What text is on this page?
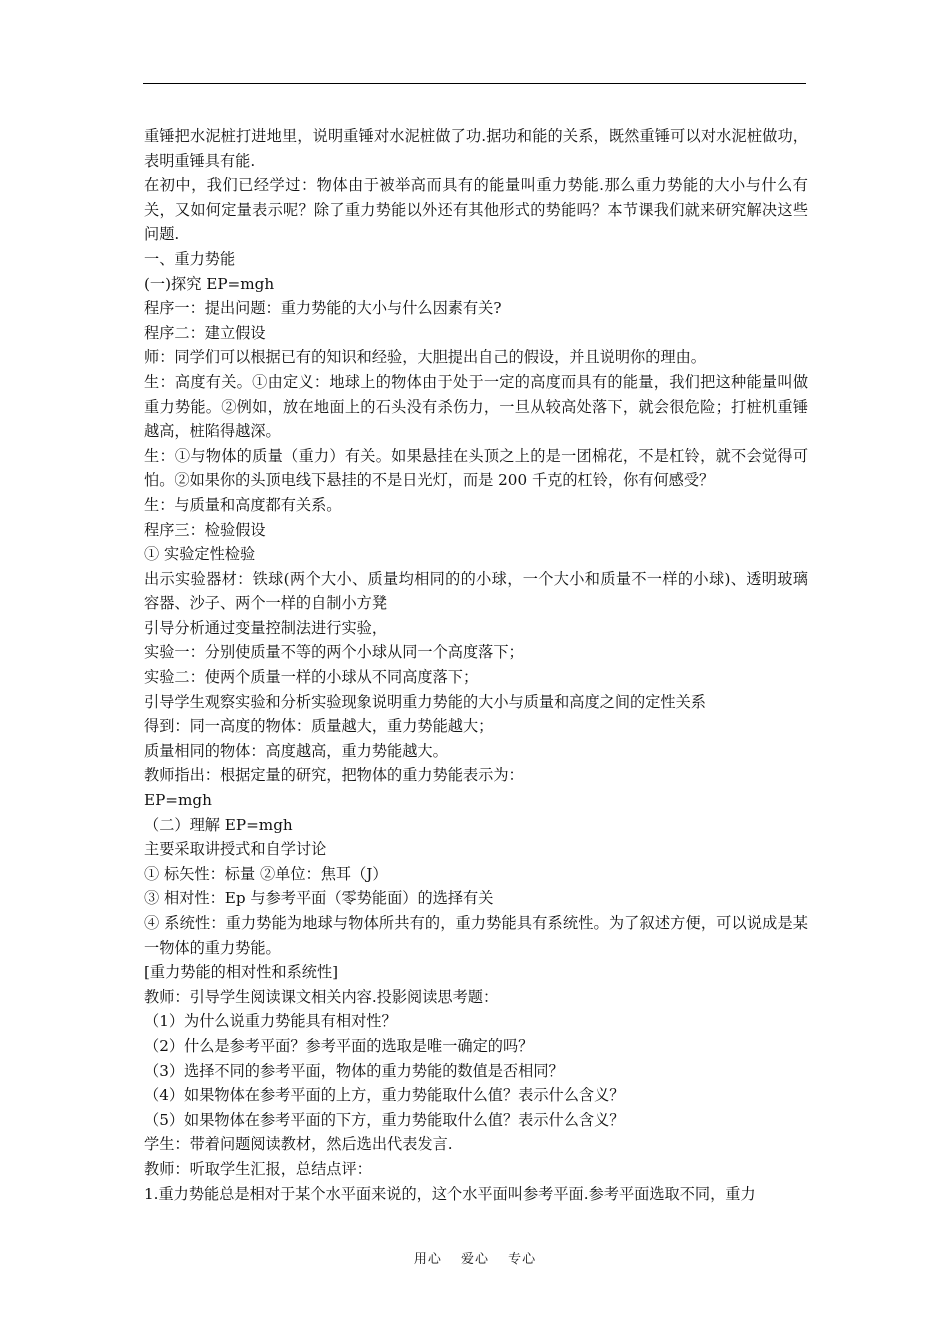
重锤把水泥桩打进地里，说明重锤对水泥桩做了功.据功和能的关系，既然重锤可以对水泥桩做功，表明重锤具有能.

在初中，我们已经学过：物体由于被举高而具有的能量叫重力势能.那么重力势能的大小与什么有关，又如何定量表示呢？除了重力势能以外还有其他形式的势能吗？本节课我们就来研究解决这些问题.

一、重力势能

(一)探究 EP=mgh

程序一：提出问题：重力势能的大小与什么因素有关?

程序二：建立假设

师：同学们可以根据已有的知识和经验，大胆提出自己的假设，并且说明你的理由。

生：高度有关。①由定义：地球上的物体由于处于一定的高度而具有的能量，我们把这种能量叫做重力势能。②例如，放在地面上的石头没有杀伤力，一旦从较高处落下，就会很危险；打桩机重锤越高，桩陷得越深。

生：①与物体的质量（重力）有关。如果悬挂在头顶之上的是一团棉花，不是杠铃，就不会觉得可怕。②如果你的头顶电线下悬挂的不是日光灯，而是 200 千克的杠铃，你有何感受？

生：与质量和高度都有关系。

程序三：检验假设

① 实验定性检验

出示实验器材：铁球(两个大小、质量均相同的的小球，一个大小和质量不一样的小球)、透明玻璃容器、沙子、两个一样的自制小方凳

引导分析通过变量控制法进行实验，

实验一：分别使质量不等的两个小球从同一个高度落下；

实验二：使两个质量一样的小球从不同高度落下；

引导学生观察实验和分析实验现象说明重力势能的大小与质量和高度之间的定性关系

得到：同一高度的物体：质量越大，重力势能越大；

质量相同的物体：高度越高，重力势能越大。

教师指出：根据定量的研究，把物体的重力势能表示为：

EP=mgh

（二）理解 EP=mgh

主要采取讲授式和自学讨论

① 标矢性：标量 ②单位：焦耳（J）

③ 相对性：Ep 与参考平面（零势能面）的选择有关

④ 系统性：重力势能为地球与物体所共有的，重力势能具有系统性。为了叙述方便，可以说成是某一物体的重力势能。

[重力势能的相对性和系统性]

教师：引导学生阅读课文相关内容.投影阅读思考题：

（1）为什么说重力势能具有相对性？

（2）什么是参考平面？参考平面的选取是唯一确定的吗？

（3）选择不同的参考平面，物体的重力势能的数值是否相同？

（4）如果物体在参考平面的上方，重力势能取什么值？表示什么含义？

（5）如果物体在参考平面的下方，重力势能取什么值？表示什么含义？

学生：带着问题阅读教材，然后选出代表发言.

教师：听取学生汇报，总结点评：

1.重力势能总是相对于某个水平面来说的，这个水平面叫参考平面.参考平面选取不同，重力

用心 爱心 专心
